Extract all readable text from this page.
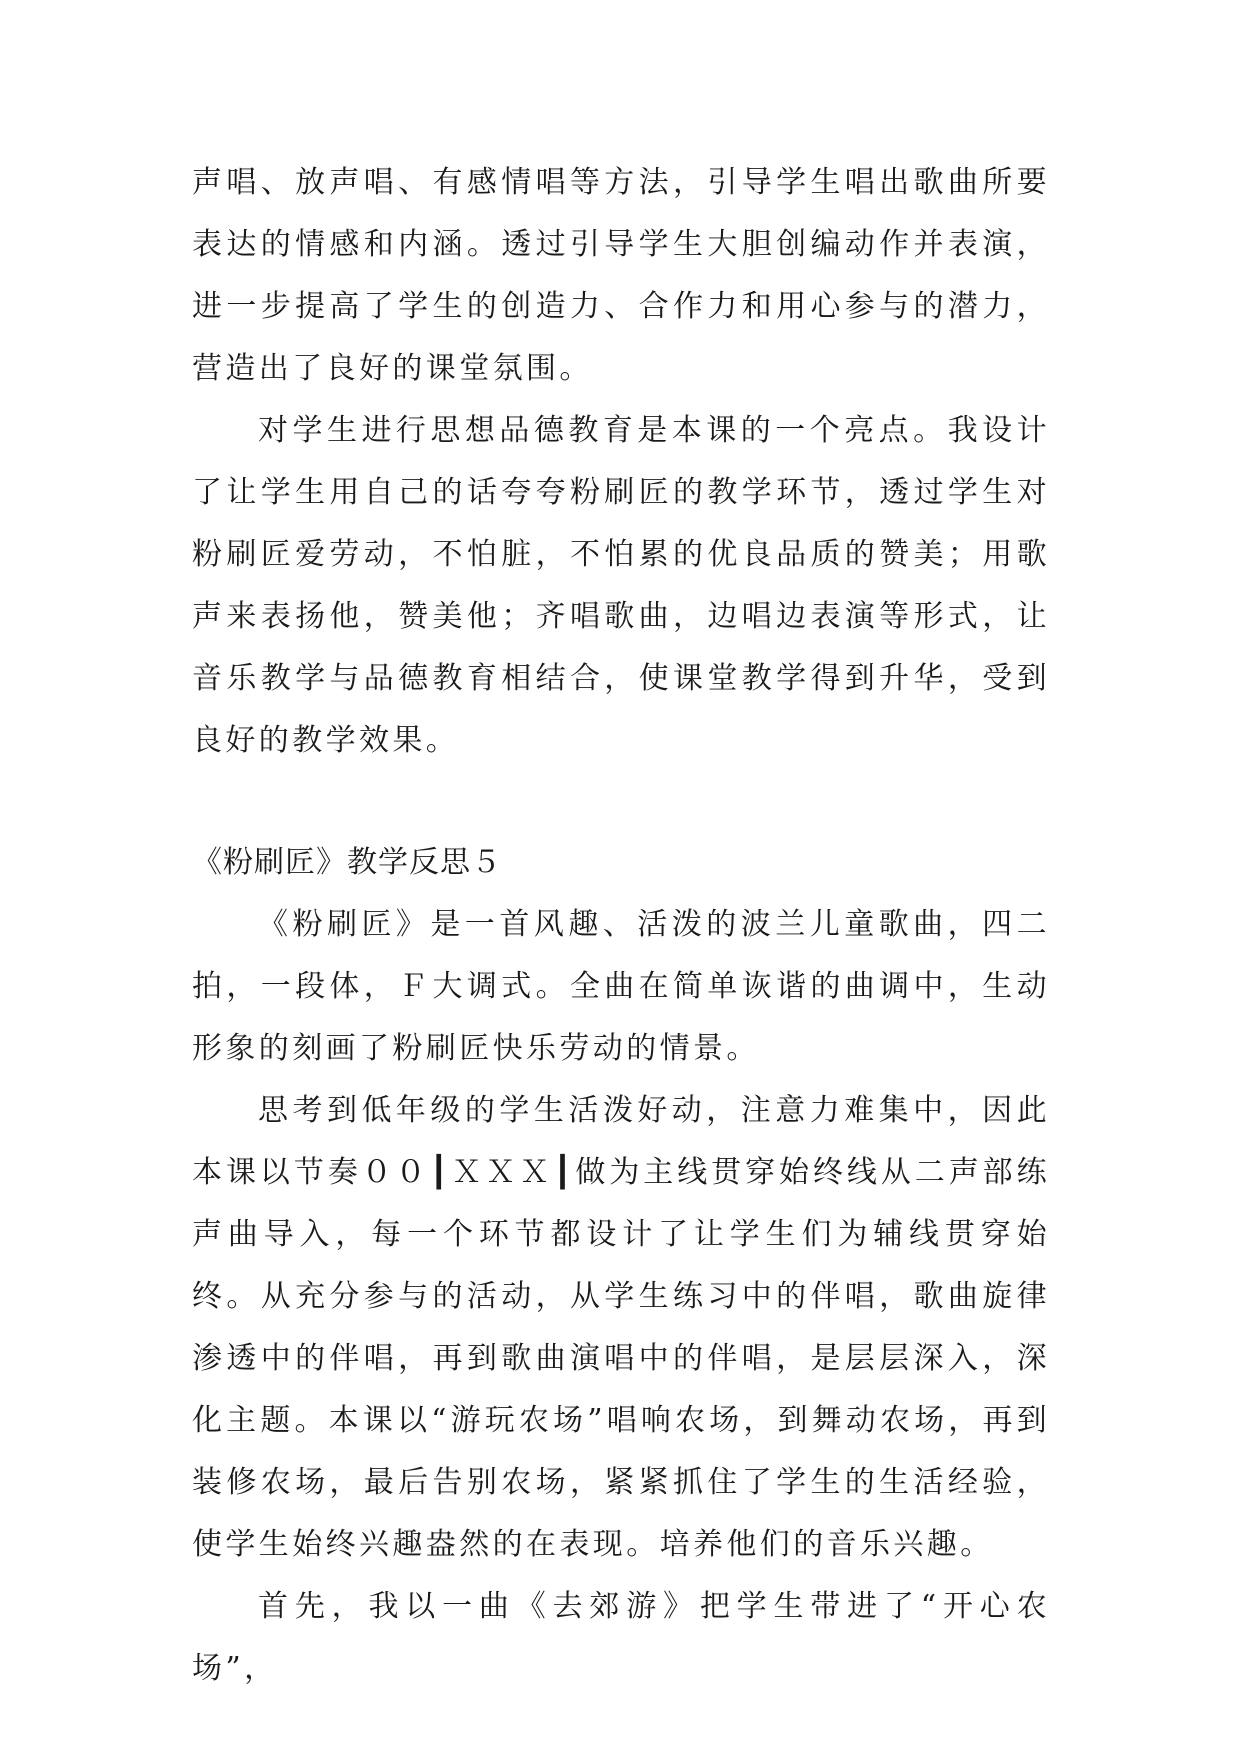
声唱、放声唱、有感情唱等方法，引导学生唱出歌曲所要表达的情感和内涵。透过引导学生大胆创编动作并表演，进一步提高了学生的创造力、合作力和用心参与的潜力，营造出了良好的课堂氛围。

对学生进行思想品德教育是本课的一个亮点。我设计了让学生用自己的话夸夸粉刷匠的教学环节，透过学生对粉刷匠爱劳动，不怕脏，不怕累的优良品质的赞美；用歌声来表扬他，赞美他；齐唱歌曲，边唱边表演等形式，让音乐教学与品德教育相结合，使课堂教学得到升华，受到良好的教学效果。

《粉刷匠》教学反思５

《粉刷匠》是一首风趣、活泼的波兰儿童歌曲，四二拍，一段体，Ｆ大调式。全曲在简单诙谐的曲调中，生动形象的刻画了粉刷匠快乐劳动的情景。

思考到低年级的学生活泼好动，注意力难集中，因此本课以节奏００┃ＸＸＸ┃做为主线贯穿始终线从二声部练声曲导入，每一个环节都设计了让学生们为辅线贯穿始终。从充分参与的活动，从学生练习中的伴唱，歌曲旋律渗透中的伴唱，再到歌曲演唱中的伴唱，是层层深入，深化主题。本课以“游玩农场”唱响农场，到舞动农场，再到装修农场，最后告别农场，紧紧抓住了学生的生活经验，使学生始终兴趣盎然的在表现。培养他们的音乐兴趣。

首先，我以一曲《去郊游》把学生带进了“开心农场”，
